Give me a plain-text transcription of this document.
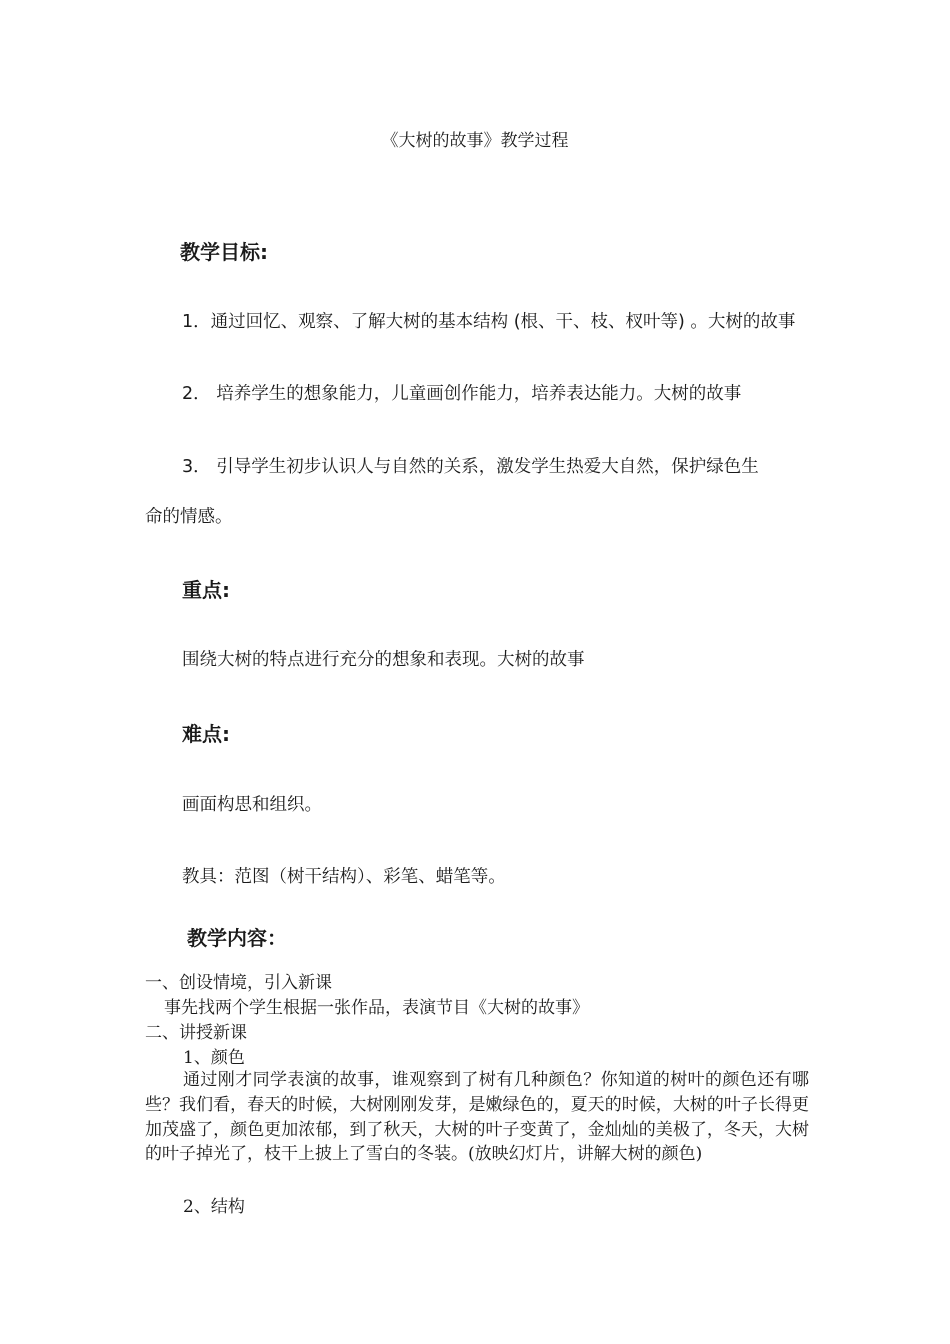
《大树的故事》教学过程
教学目标:
1．通过回忆、观察、了解大树的基本结构 (根、干、枝、杈叶等) 。大树的故事
2． 培养学生的想象能力，儿童画创作能力，培养表达能力。大树的故事
3． 引导学生初步认识人与自然的关系，激发学生热爱大自然，保护绿色生
命的情感。
重点:
围绕大树的特点进行充分的想象和表现。大树的故事
难点:
画面构思和组织。
教具：范图（树干结构）、彩笔、蜡笔等。
教学内容：
一、创设情境，引入新课
事先找两个学生根据一张作品，表演节目《大树的故事》
二、讲授新课
1、颜色
通过刚才同学表演的故事，谁观察到了树有几种颜色？你知道的树叶的颜色还有哪些？我们看，春天的时候，大树刚刚发芽，是嫩绿色的，夏天的时候，大树的叶子长得更加茂盛了，颜色更加浓郁，到了秋天，大树的叶子变黄了，金灿灿的美极了，冬天，大树的叶子掉光了，枝干上披上了雪白的冬装。(放映幻灯片，讲解大树的颜色)
2、结构
